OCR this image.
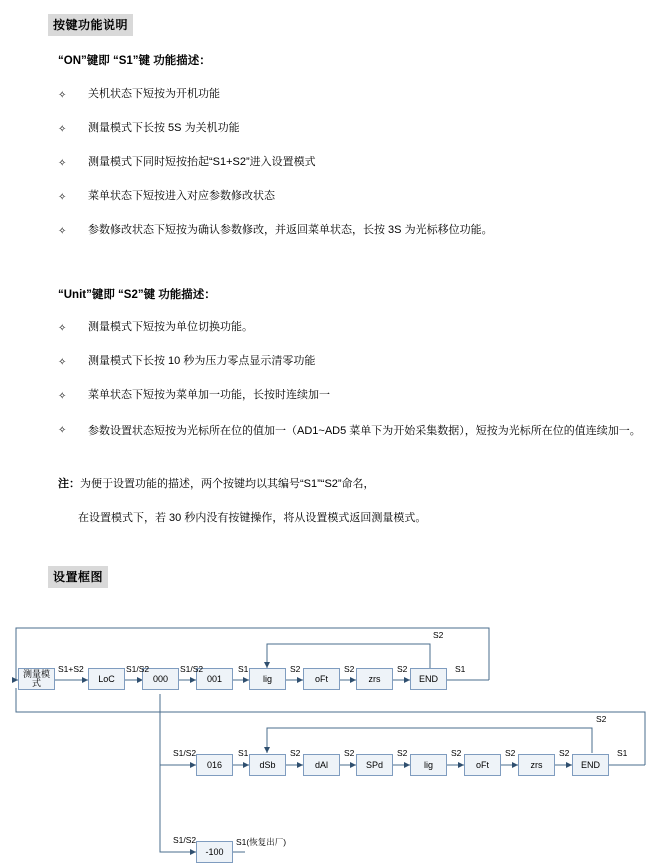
按键功能说明
“ON”键即 “S1”键 功能描述：
✧ 关机状态下短按为开机功能
✧ 测量模式下长按 5S 为关机功能
✧ 测量模式下同时短按抬起“S1+S2”进入设置模式
✧ 菜单状态下短按进入对应参数修改状态
✧ 参数修改状态下短按为确认参数修改，并返回菜单状态，长按 3S 为光标移位功能。
“Unit”键即 “S2”键 功能描述：
✧ 测量模式下短按为单位切换功能。
✧ 测量模式下长按 10 秒为压力零点显示清零功能
✧ 菜单状态下短按为菜单加一功能，长按时连续加一
✧ 参数设置状态短按为光标所在位的值加一（AD1~AD5 菜单下为开始采集数据），短按为光标所在位的值连续加一。
注：为便于设置功能的描述，两个按键均以其编号“S1”“S2”命名，
在设置模式下，若 30 秒内没有按键操作，将从设置模式返回测量模式。
设置框图
测量模式	LoC	000	001	lig	oFt	zrs	END
016	dSb	dAl	SPd	lig	oFt	zrs	END
-100
S1+S2	S1/S2	S1/S2	S1	S2	S2	S2
S2
S1
S1/S2	S1	S2	S2	S2	S2	S2	S2
S2
S1
S1/S2	S1(恢复出厂)
